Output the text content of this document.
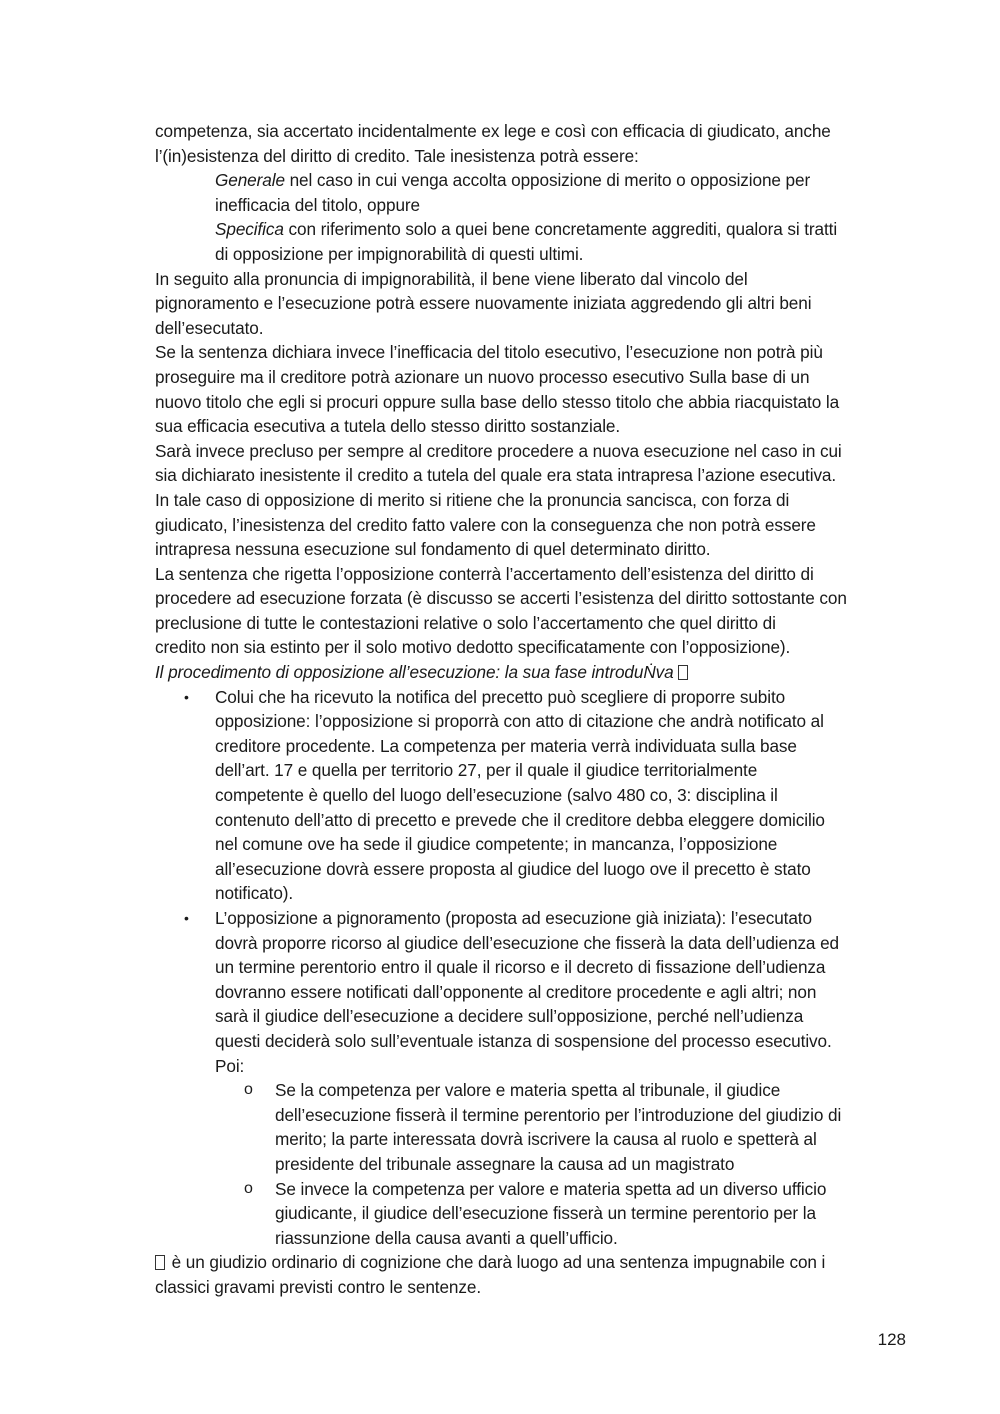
competenza, sia accertato incidentalmente ex lege e così con efficacia di giudicato, anche

l’(in)esistenza del diritto di credito. Tale inesistenza potrà essere:

Generale nel caso in cui venga accolta opposizione di merito o opposizione per

inefficacia del titolo, oppure

Specifica con riferimento solo a quei bene concretamente aggrediti, qualora si tratti

di opposizione per impignorabilità di questi ultimi.

In seguito alla pronuncia di impignorabilità, il bene viene liberato dal vincolo del

pignoramento e l’esecuzione potrà essere nuovamente iniziata aggredendo gli altri beni

dell’esecutato.

Se la sentenza dichiara invece l’inefficacia del titolo esecutivo, l’esecuzione non potrà più

proseguire ma il creditore potrà azionare un nuovo processo esecutivo Sulla base di un

nuovo titolo che egli si procuri oppure sulla base dello stesso titolo che abbia riacquistato la

sua efficacia esecutiva a tutela dello stesso diritto sostanziale.

Sarà invece precluso per sempre al creditore procedere a nuova esecuzione nel caso in cui

sia dichiarato inesistente il credito a tutela del quale era stata intrapresa l’azione esecutiva.

In tale caso di opposizione di merito si ritiene che la pronuncia sancisca, con forza di

giudicato, l’inesistenza del credito fatto valere con la conseguenza che non potrà essere

intrapresa nessuna esecuzione sul fondamento di quel determinato diritto.

La sentenza che rigetta l’opposizione conterrà l’accertamento dell’esistenza del diritto di

procedere ad esecuzione forzata (è discusso se accerti l’esistenza del diritto sottostante con

preclusione di tutte le contestazioni relative o solo l’accertamento che quel diritto di

credito non sia estinto per il solo motivo dedotto specificatamente con l’opposizione).

Il procedimento di opposizione all’esecuzione: la sua fase introduṄva

• Colui che ha ricevuto la notifica del precetto può scegliere di proporre subito

opposizione: l’opposizione si proporrà con atto di citazione che andrà notificato al

creditore procedente. La competenza per materia verrà individuata sulla base

dell’art. 17 e quella per territorio 27, per il quale il giudice territorialmente

competente è quello del luogo dell’esecuzione (salvo 480 co, 3: disciplina il

contenuto dell’atto di precetto e prevede che il creditore debba eleggere domicilio

nel comune ove ha sede il giudice competente; in mancanza, l’opposizione

all’esecuzione dovrà essere proposta al giudice del luogo ove il precetto è stato

notificato).

• L’opposizione a pignoramento (proposta ad esecuzione già iniziata): l’esecutato

dovrà proporre ricorso al giudice dell’esecuzione che fisserà la data dell’udienza ed

un termine perentorio entro il quale il ricorso e il decreto di fissazione dell’udienza

dovranno essere notificati dall’opponente al creditore procedente e agli altri; non

sarà il giudice dell’esecuzione a decidere sull’opposizione, perché nell’udienza

questi deciderà solo sull’eventuale istanza di sospensione del processo esecutivo.

Poi:

o Se la competenza per valore e materia spetta al tribunale, il giudice

dell’esecuzione fisserà il termine perentorio per l’introduzione del giudizio di

merito; la parte interessata dovrà iscrivere la causa al ruolo e spetterà al

presidente del tribunale assegnare la causa ad un magistrato

o Se invece la competenza per valore e materia spetta ad un diverso ufficio

giudicante, il giudice dell’esecuzione fisserà un termine perentorio per la

riassunzione della causa avanti a quell’ufficio.

è un giudizio ordinario di cognizione che darà luogo ad una sentenza impugnabile con i

classici gravami previsti contro le sentenze.

128
